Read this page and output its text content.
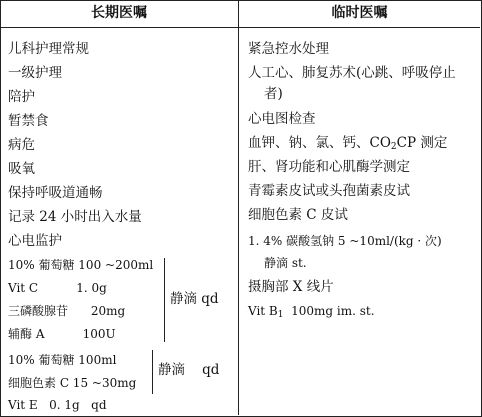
长期医嘱	临时医嘱
儿科护理常规
一级护理
陪护
暂禁食
病危
吸氧
保持呼吸道通畅
记录 24 小时出入水量
心电监护
10% 葡萄糖 100 ~200ml
Vit C          1. 0g
三磷酸腺苷      20mg
辅酶 A          100U
静滴 qd
10% 葡萄糖 100ml
细胞色素 C 15 ~30mg
静滴    qd
Vit E   0. 1g   qd
紧急控水处理
人工心、肺复苏术(心跳、呼吸停止
者)
心电图检查
血钾、钠、氯、钙、$CO_2CP$ 测定
肝、肾功能和心肌酶学测定
青霉素皮试或头孢菌素皮试
细胞色素 C 皮试
1. 4% 碳酸氢钠 5 ~10ml/(kg · 次)
静滴 st.
摄胸部 X 线片
Vit $B_1$  100mg im. st.
